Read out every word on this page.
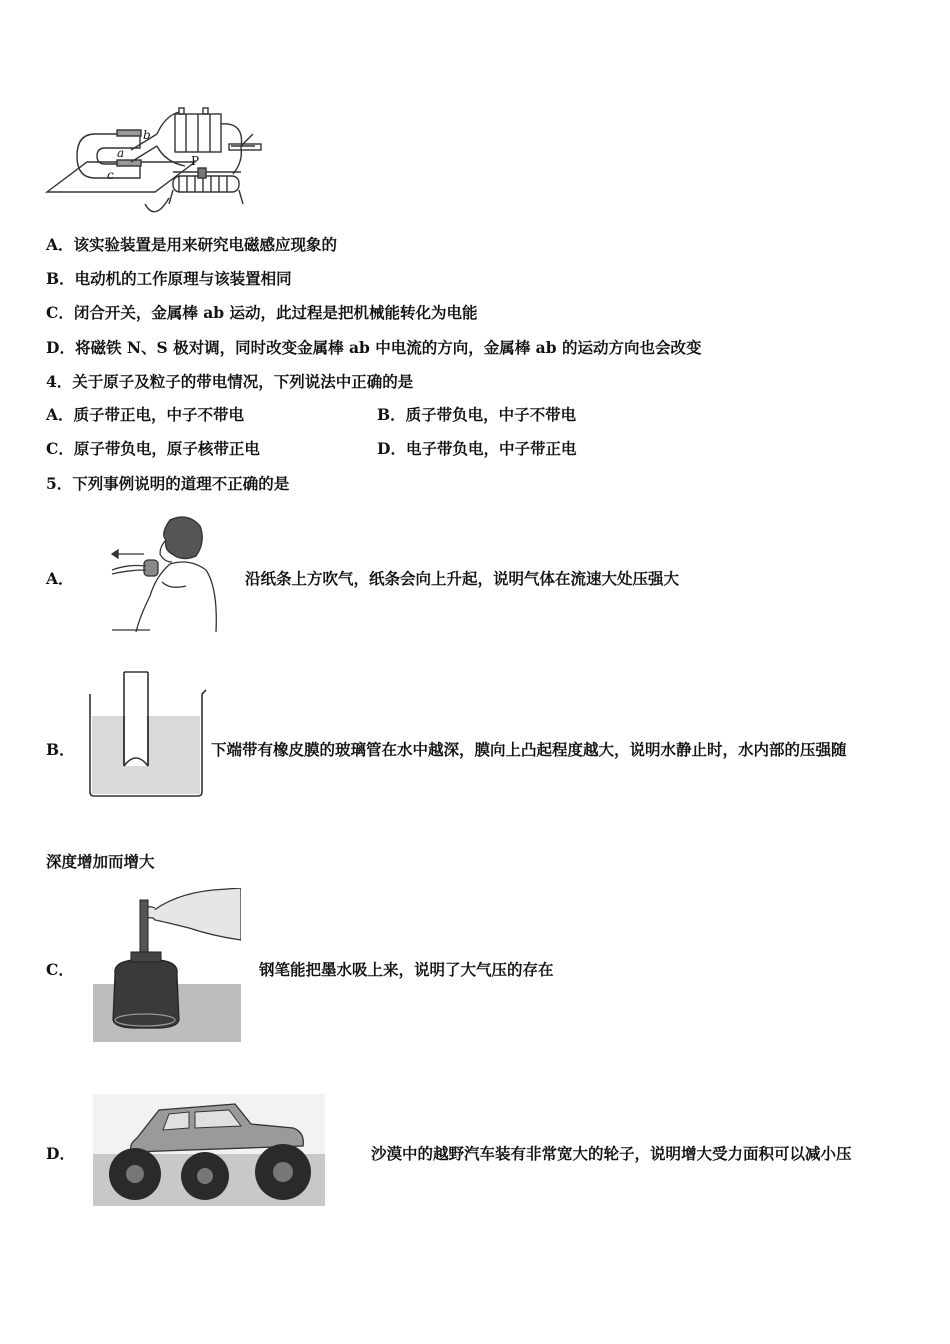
b
a
c
P
A．该实验装置是用来研究电磁感应现象的
B．电动机的工作原理与该装置相同
C．闭合开关，金属棒 ab 运动，此过程是把机械能转化为电能
D．将磁铁 N、S 极对调，同时改变金属棒 ab 中电流的方向，金属棒 ab 的运动方向也会改变
4．关于原子及粒子的带电情况，下列说法中正确的是
A．质子带正电，中子不带电	B．质子带负电，中子不带电
C．原子带负电，原子核带正电	D．电子带负电，中子带正电
5．下列事例说明的道理不正确的是
A．	沿纸条上方吹气，纸条会向上升起，说明气体在流速大处压强大
B．	下端带有橡皮膜的玻璃管在水中越深，膜向上凸起程度越大，说明水静止时，水内部的压强随
深度增加而增大
C．	钢笔能把墨水吸上来，说明了大气压的存在
D．	沙漠中的越野汽车装有非常宽大的轮子，说明增大受力面积可以减小压
